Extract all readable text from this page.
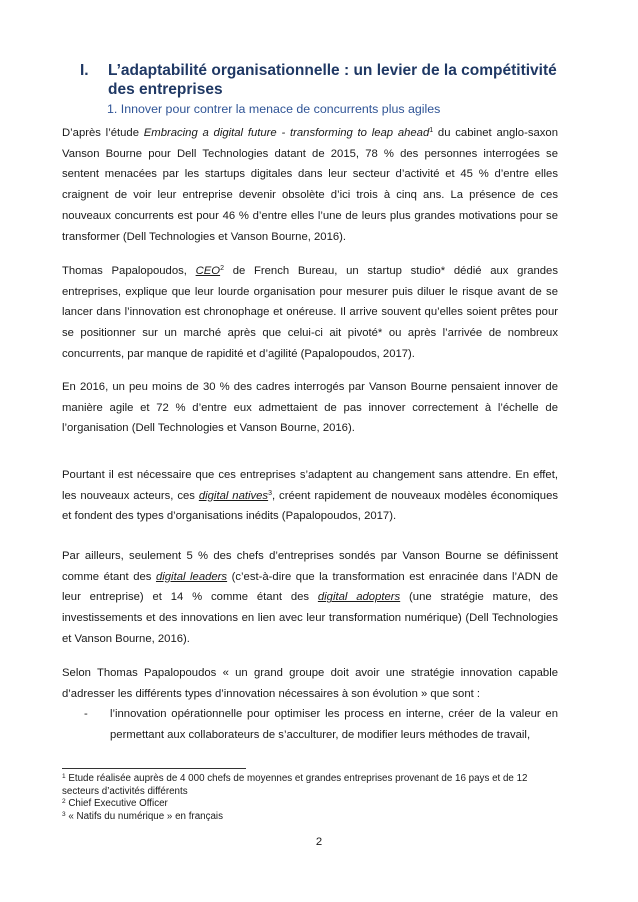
I. L’adaptabilité organisationnelle : un levier de la compétitivité des entreprises
1. Innover pour contrer la menace de concurrents plus agiles

D’après l’étude Embracing a digital future - transforming to leap ahead$^1$ du cabinet anglo-saxon Vanson Bourne pour Dell Technologies datant de 2015, 78 % des personnes interrogées se sentent menacées par les startups digitales dans leur secteur d’activité et 45 % d’entre elles craignent de voir leur entreprise devenir obsolète d’ici trois à cinq ans. La présence de ces nouveaux concurrents est pour 46 % d’entre elles l’une de leurs plus grandes motivations pour se transformer (Dell Technologies et Vanson Bourne, 2016).

Thomas Papalopoudos, CEO$^2$ de French Bureau, un startup studio* dédié aux grandes entreprises, explique que leur lourde organisation pour mesurer puis diluer le risque avant de se lancer dans l’innovation est chronophage et onéreuse. Il arrive souvent qu’elles soient prêtes pour se positionner sur un marché après que celui-ci ait pivoté* ou après l’arrivée de nombreux concurrents, par manque de rapidité et d’agilité (Papalopoudos, 2017).

En 2016, un peu moins de 30 % des cadres interrogés par Vanson Bourne pensaient innover de manière agile et 72 % d’entre eux admettaient de pas innover correctement à l’échelle de l’organisation (Dell Technologies et Vanson Bourne, 2016).

Pourtant il est nécessaire que ces entreprises s’adaptent au changement sans attendre. En effet, les nouveaux acteurs, ces digital natives$^3$, créent rapidement de nouveaux modèles économiques et fondent des types d’organisations inédits (Papalopoudos, 2017).

Par ailleurs, seulement 5 % des chefs d’entreprises sondés par Vanson Bourne se définissent comme étant des digital leaders (c’est-à-dire que la transformation est enracinée dans l’ADN de leur entreprise) et 14 % comme étant des digital adopters (une stratégie mature, des investissements et des innovations en lien avec leur transformation numérique) (Dell Technologies et Vanson Bourne, 2016).

Selon Thomas Papalopoudos « un grand groupe doit avoir une stratégie innovation capable d’adresser les différents types d’innovation nécessaires à son évolution » que sont :

- l’innovation opérationnelle pour optimiser les process en interne, créer de la valeur en permettant aux collaborateurs de s’acculturer, de modifier leurs méthodes de travail,
$^1$ Etude réalisée auprès de 4 000 chefs de moyennes et grandes entreprises provenant de 16 pays et de 12 secteurs d’activités différents
$^2$ Chief Executive Officer
$^3$ « Natifs du numérique » en français
2
